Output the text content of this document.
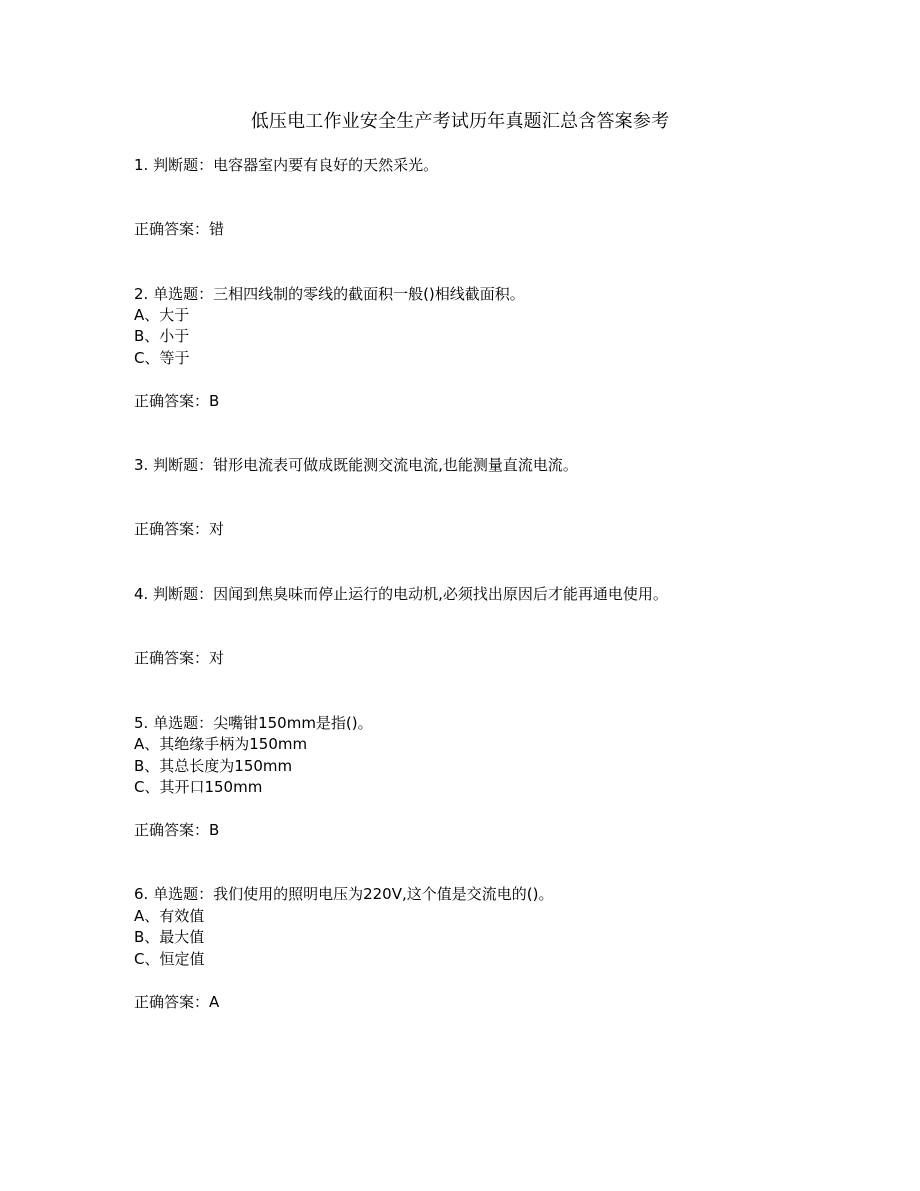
低压电工作业安全生产考试历年真题汇总含答案参考
1. 判断题：电容器室内要有良好的天然采光。
正确答案：错
2. 单选题：三相四线制的零线的截面积一般()相线截面积。
A、大于
B、小于
C、等于
正确答案：B
3. 判断题：钳形电流表可做成既能测交流电流,也能测量直流电流。
正确答案：对
4. 判断题：因闻到焦臭味而停止运行的电动机,必须找出原因后才能再通电使用。
正确答案：对
5. 单选题：尖嘴钳150mm是指()。
A、其绝缘手柄为150mm
B、其总长度为150mm
C、其开口150mm
正确答案：B
6. 单选题：我们使用的照明电压为220V,这个值是交流电的()。
A、有效值
B、最大值
C、恒定值
正确答案：A
